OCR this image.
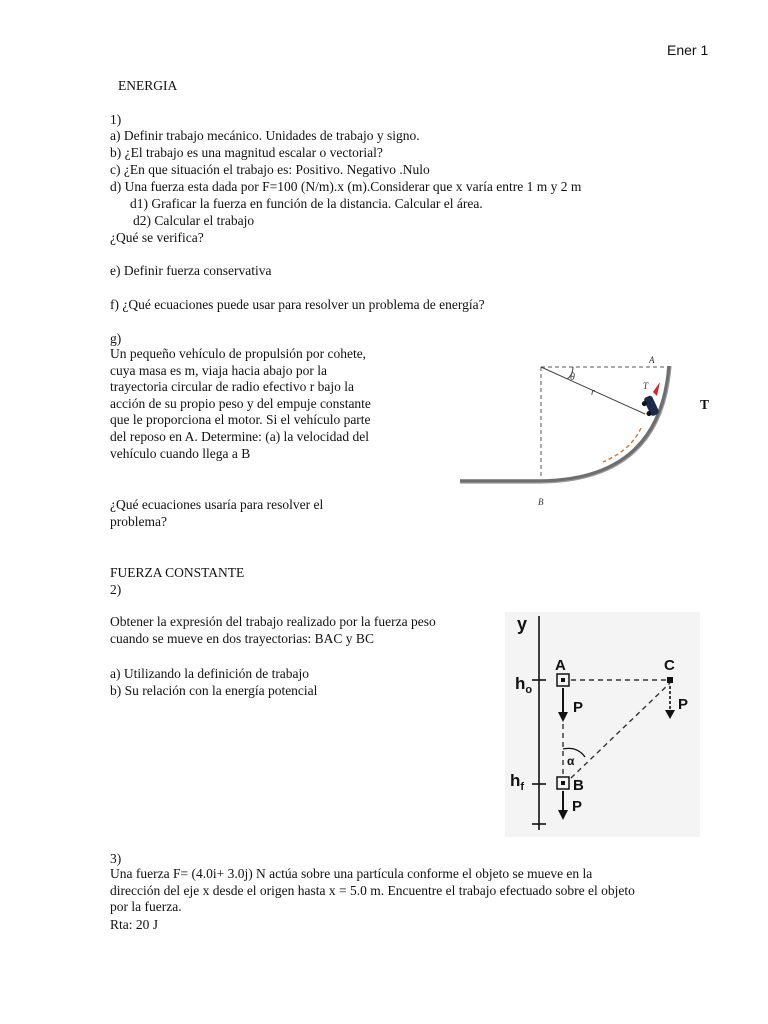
Ener 1
ENERGIA
1)
a) Definir trabajo mecánico. Unidades de trabajo y signo.
b) ¿El trabajo es una magnitud escalar o vectorial?
c) ¿En que situación el trabajo es: Positivo. Negativo .Nulo
d) Una fuerza esta dada por F=100 (N/m).x (m).Considerar que x varía entre 1 m y 2 m
d1) Graficar la fuerza en función de la distancia. Calcular el área.
d2) Calcular el trabajo
¿Qué se verifica?
e) Definir fuerza conservativa
f) ¿Qué ecuaciones puede usar para resolver un problema de energía?
g)
Un pequeño vehículo de propulsión por cohete,
cuya masa es m, viaja hacia abajo por la
trayectoria circular de radio efectivo r bajo la
acción de su propio peso y del empuje constante
que le proporciona el motor. Si el vehículo parte
del reposo en A. Determine: (a) la velocidad del
vehículo cuando llega a B
¿Qué ecuaciones usaría para resolver el
problema?
A
θ
r
T
B
T
FUERZA CONSTANTE
2)
Obtener la expresión del trabajo realizado por la fuerza peso
cuando se mueve en dos trayectorias: BAC y BC
a) Utilizando la definición de trabajo
b) Su relación con la energía potencial
y
$h_o$
$h_f$
α
A
P
C
P
B
P
3)
Una fuerza F= (4.0i+ 3.0j) N actúa sobre una partícula conforme el objeto se mueve en la
dirección del eje x desde el origen hasta x = 5.0 m. Encuentre el trabajo efectuado sobre el objeto
por la fuerza.
Rta: 20 J
